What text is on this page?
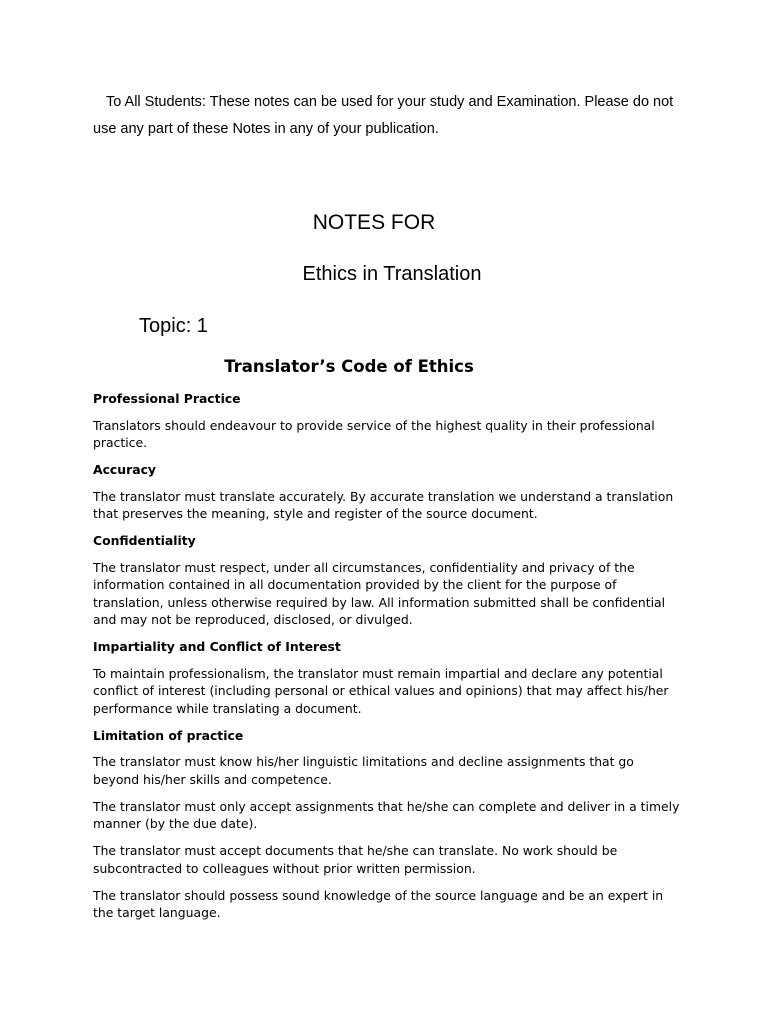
To All Students: These notes can be used for your study and Examination. Please do not use any part of these Notes in any of your publication.
NOTES FOR
Ethics in Translation
Topic: 1
Translator’s Code of Ethics
Professional Practice
Translators should endeavour to provide service of the highest quality in their professional practice.
Accuracy
The translator must translate accurately. By accurate translation we understand a translation that preserves the meaning, style and register of the source document.
Confidentiality
The translator must respect, under all circumstances, confidentiality and privacy of the information contained in all documentation provided by the client for the purpose of translation, unless otherwise required by law. All information submitted shall be confidential and may not be reproduced, disclosed, or divulged.
Impartiality and Conflict of Interest
To maintain professionalism, the translator must remain impartial and declare any potential conflict of interest (including personal or ethical values and opinions) that may affect his/her performance while translating a document.
Limitation of practice
The translator must know his/her linguistic limitations and decline assignments that go beyond his/her skills and competence.
The translator must only accept assignments that he/she can complete and deliver in a timely manner (by the due date).
The translator must accept documents that he/she can translate. No work should be subcontracted to colleagues without prior written permission.
The translator should possess sound knowledge of the source language and be an expert in the target language.
